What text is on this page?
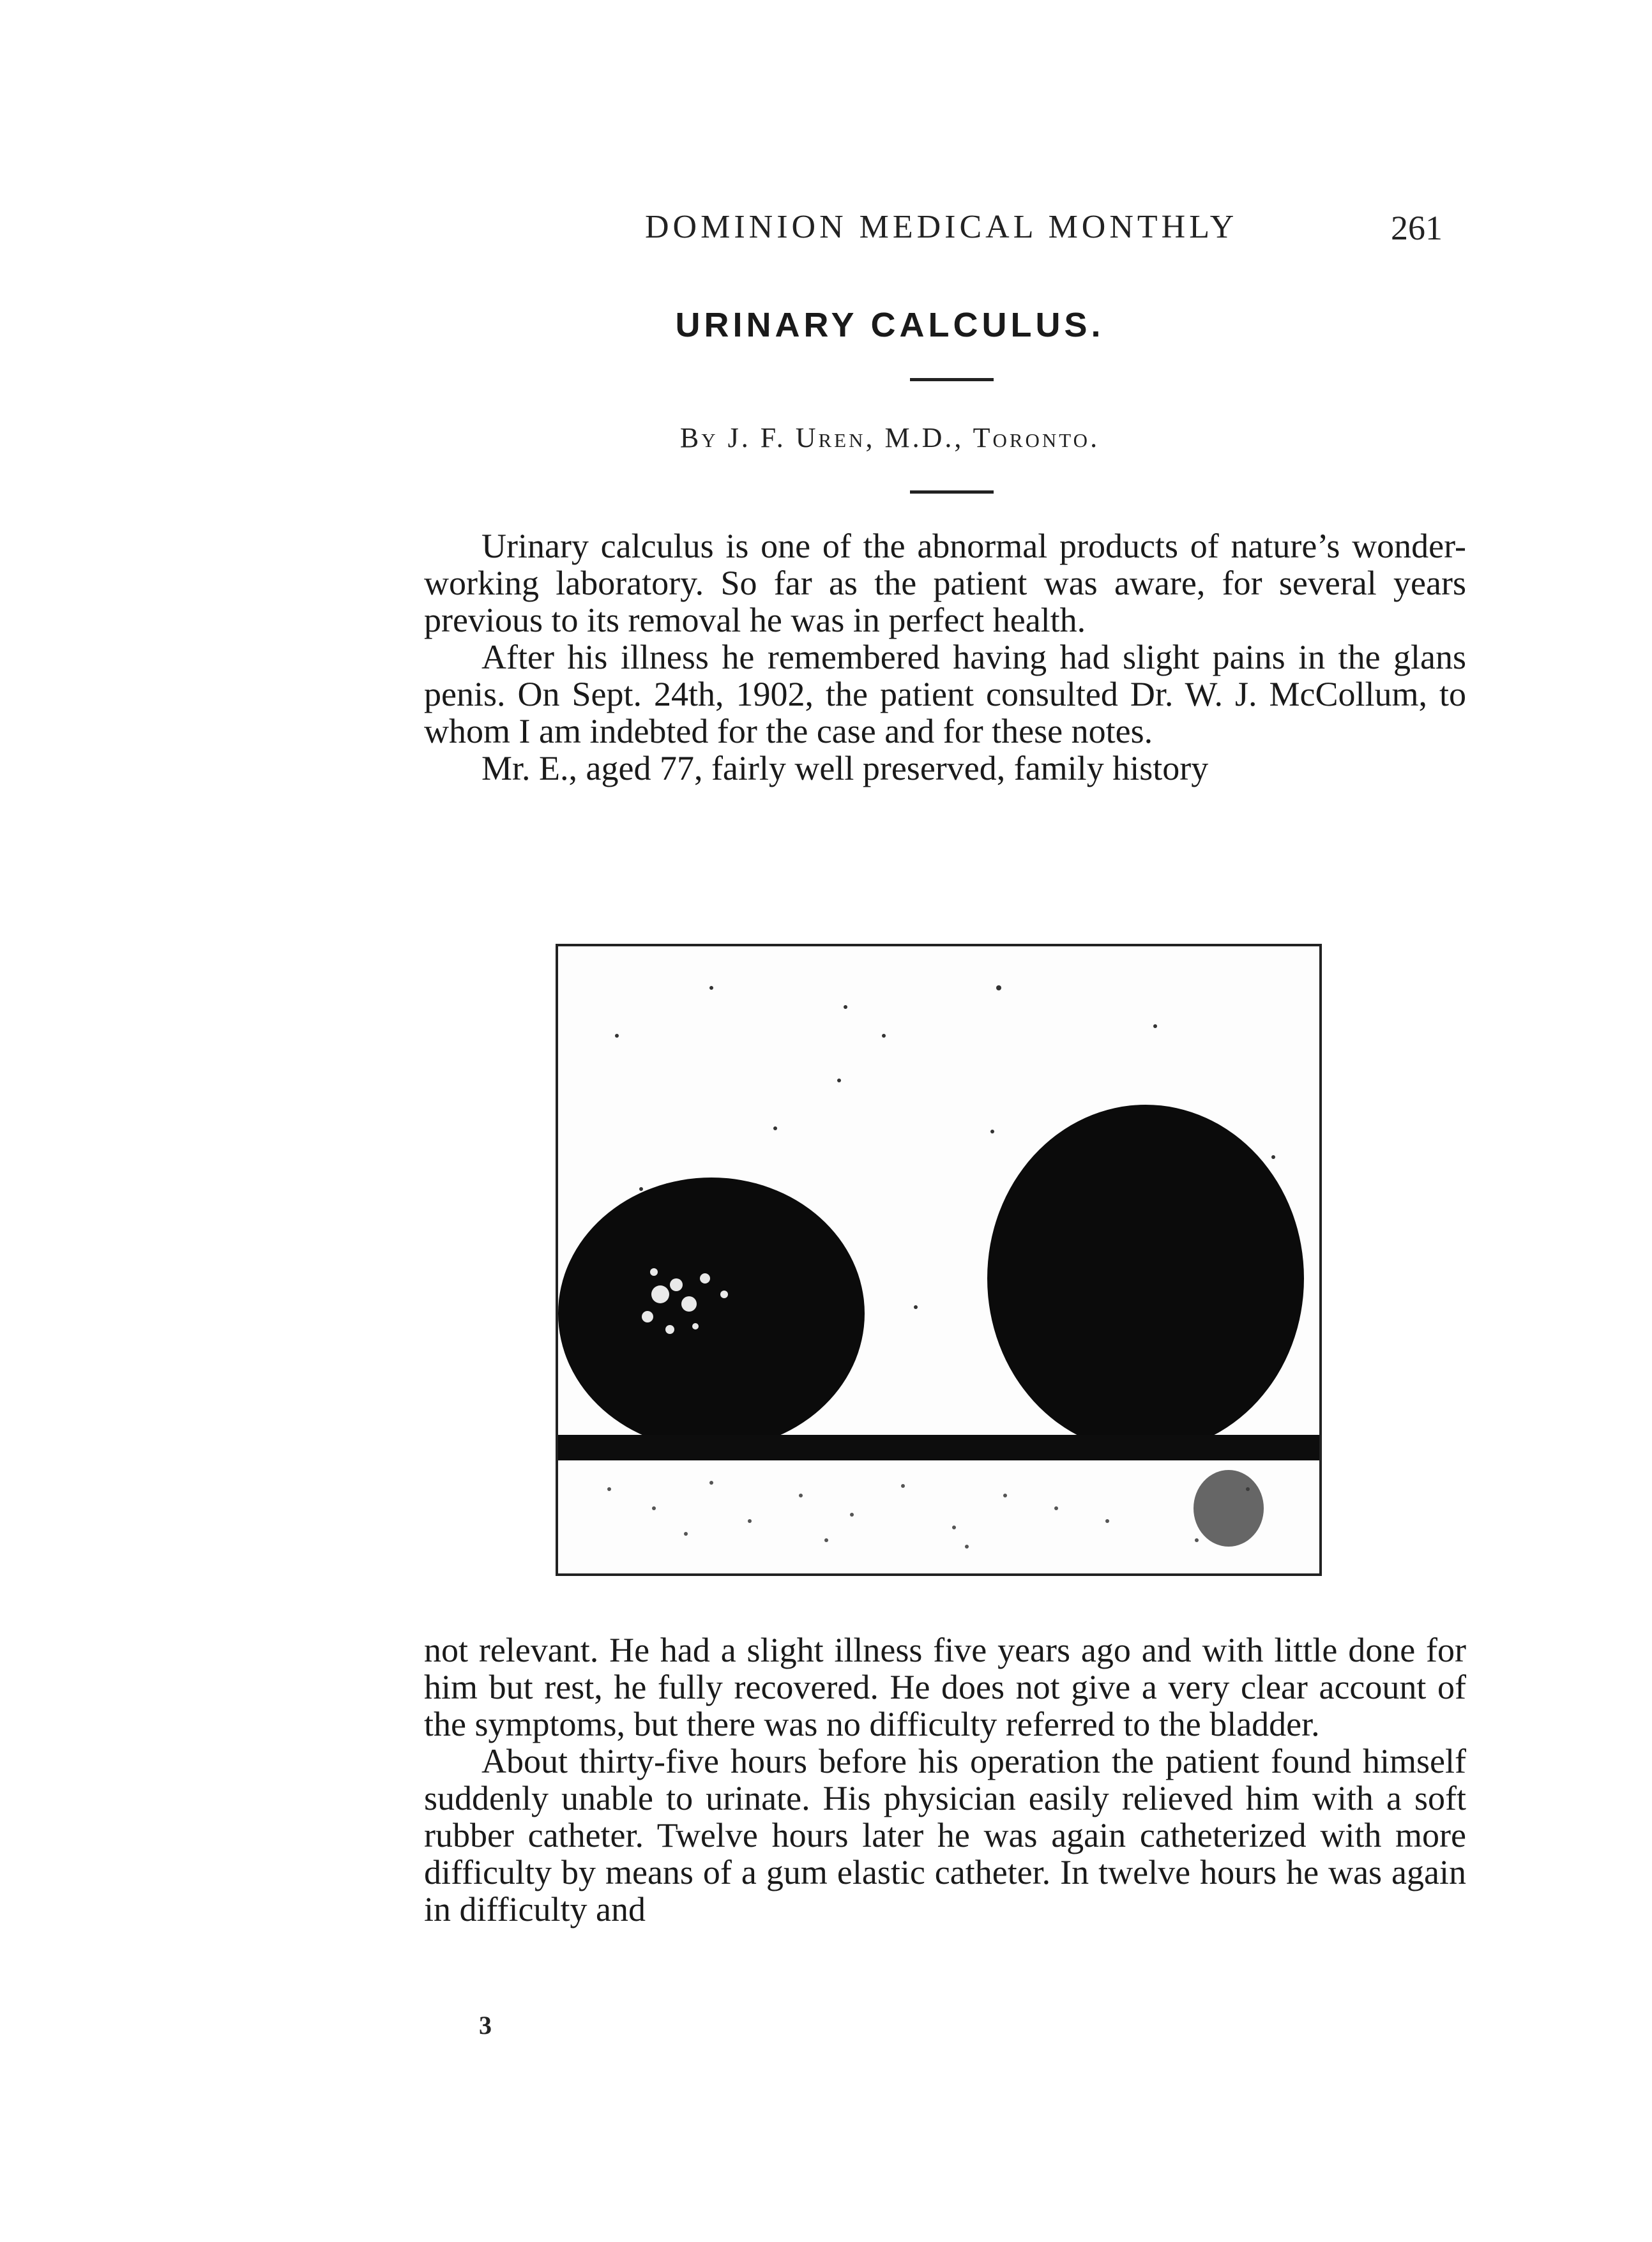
DOMINION MEDICAL MONTHLY	261
URINARY CALCULUS.
By J. F. Uren, M.D., Toronto.

Urinary calculus is one of the abnormal products of nature’s wonder-working laboratory. So far as the patient was aware, for several years previous to its removal he was in perfect health.

After his illness he remembered having had slight pains in the glans penis. On Sept. 24th, 1902, the patient consulted Dr. W. J. McCollum, to whom I am indebted for the case and for these notes.

Mr. E., aged 77, fairly well preserved, family history

not relevant. He had a slight illness five years ago and with little done for him but rest, he fully recovered. He does not give a very clear account of the symptoms, but there was no difficulty referred to the bladder.

About thirty-five hours before his operation the patient found himself suddenly unable to urinate. His physician easily relieved him with a soft rubber catheter. Twelve hours later he was again catheterized with more difficulty by means of a gum elastic catheter. In twelve hours he was again in difficulty and

3
